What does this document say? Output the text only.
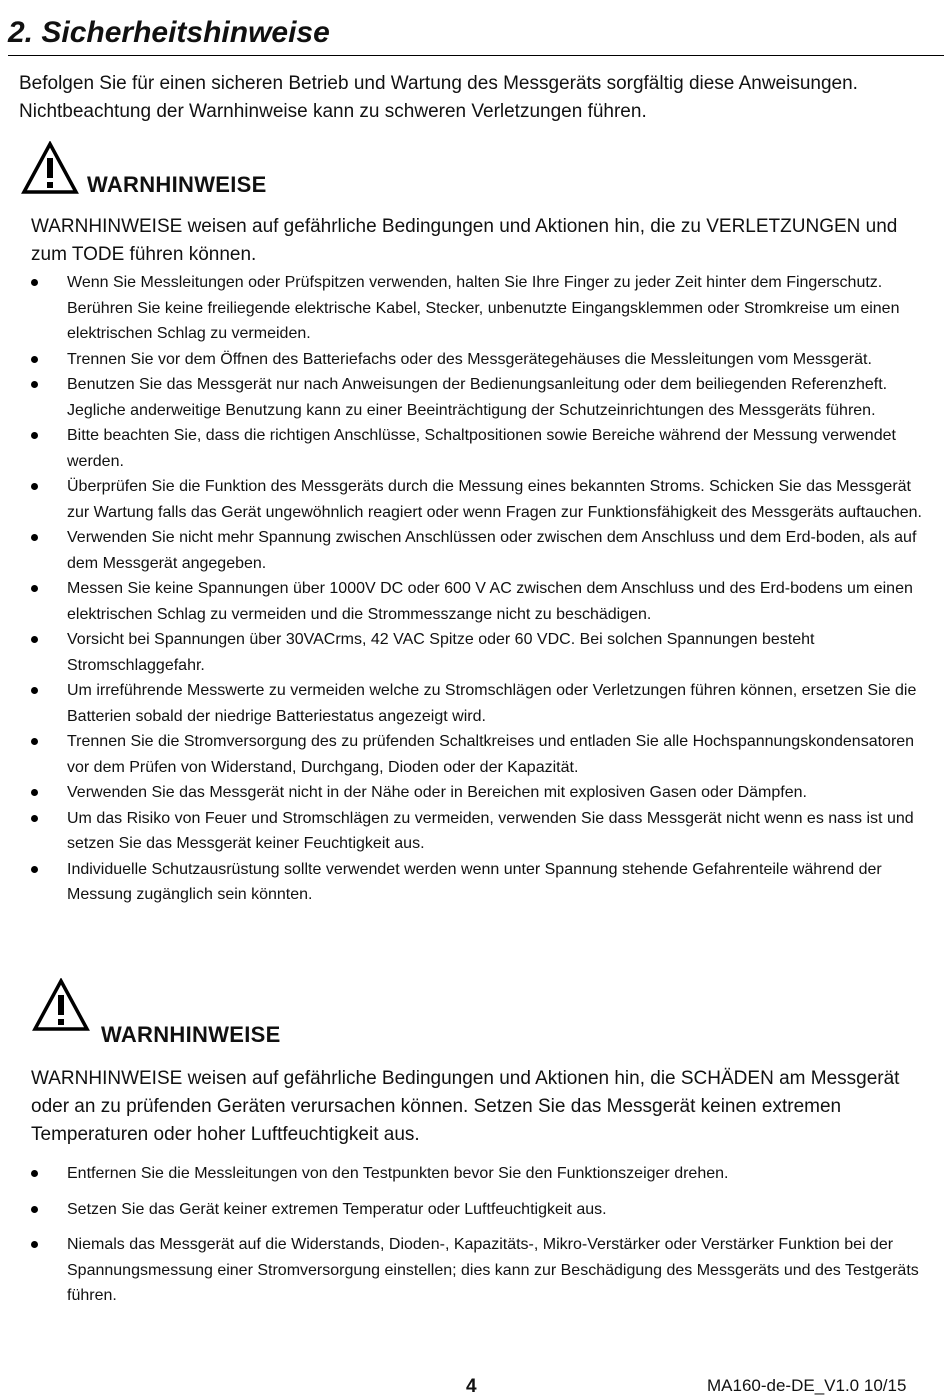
2. Sicherheitshinweise
Befolgen Sie für einen sicheren Betrieb und Wartung des Messgeräts sorgfältig diese Anweisungen. Nichtbeachtung der Warnhinweise kann zu schweren Verletzungen führen.
WARNHINWEISE
WARNHINWEISE weisen auf gefährliche Bedingungen und Aktionen hin, die zu VERLETZUNGEN und zum TODE führen können.
Wenn Sie Messleitungen oder Prüfspitzen verwenden, halten Sie Ihre Finger zu jeder Zeit hinter dem Fingerschutz. Berühren Sie keine freiliegende elektrische Kabel, Stecker, unbenutzte Eingangsklemmen oder Stromkreise um einen elektrischen Schlag zu vermeiden.
Trennen Sie vor dem Öffnen des Batteriefachs oder des Messgerätegehäuses die Messleitungen vom Messgerät.
Benutzen Sie das Messgerät nur nach Anweisungen der Bedienungsanleitung oder dem beiliegenden Referenzheft. Jegliche anderweitige Benutzung kann zu einer Beeinträchtigung der Schutzeinrichtungen des Messgeräts führen.
Bitte beachten Sie, dass die richtigen Anschlüsse, Schaltpositionen sowie Bereiche während der Messung verwendet werden.
Überprüfen Sie die Funktion des Messgeräts durch die Messung eines bekannten Stroms. Schicken Sie das Messgerät zur Wartung falls das Gerät ungewöhnlich reagiert oder wenn Fragen zur Funktionsfähigkeit des Messgeräts auftauchen.
Verwenden Sie nicht mehr Spannung zwischen Anschlüssen oder zwischen dem Anschluss und dem Erd-boden, als auf dem Messgerät angegeben.
Messen Sie keine Spannungen über 1000V DC oder 600 V AC zwischen dem Anschluss und des Erd-bodens um einen elektrischen Schlag zu vermeiden und die Strommesszange nicht zu beschädigen.
Vorsicht bei Spannungen über 30VACrms, 42 VAC Spitze oder 60 VDC. Bei solchen Spannungen besteht Stromschlaggefahr.
Um irreführende Messwerte zu vermeiden welche zu Stromschlägen oder Verletzungen führen können, ersetzen Sie die Batterien sobald der niedrige Batteriestatus angezeigt wird.
Trennen Sie die Stromversorgung des zu prüfenden Schaltkreises und entladen Sie alle Hochspannungskondensatoren vor dem Prüfen von Widerstand, Durchgang, Dioden oder der Kapazität.
Verwenden Sie das Messgerät nicht in der Nähe oder in Bereichen mit explosiven Gasen oder Dämpfen.
Um das Risiko von Feuer und Stromschlägen zu vermeiden, verwenden Sie dass Messgerät nicht wenn es nass ist und setzen Sie das Messgerät keiner Feuchtigkeit aus.
Individuelle Schutzausrüstung sollte verwendet werden wenn unter Spannung stehende Gefahrenteile während der Messung zugänglich sein könnten.
WARNHINWEISE
WARNHINWEISE weisen auf gefährliche Bedingungen und Aktionen hin, die SCHÄDEN am Messgerät oder an zu prüfenden Geräten verursachen können. Setzen Sie das Messgerät keinen extremen Temperaturen oder hoher Luftfeuchtigkeit aus.
Entfernen Sie die Messleitungen von den Testpunkten bevor Sie den Funktionszeiger drehen.
Setzen Sie das Gerät keiner extremen Temperatur oder Luftfeuchtigkeit aus.
Niemals das Messgerät auf die Widerstands, Dioden-, Kapazitäts-, Mikro-Verstärker oder Verstärker Funktion bei der Spannungsmessung einer Stromversorgung einstellen; dies kann zur Beschädigung des Messgeräts und des Testgeräts führen.
4	MA160-de-DE_V1.0 10/15
